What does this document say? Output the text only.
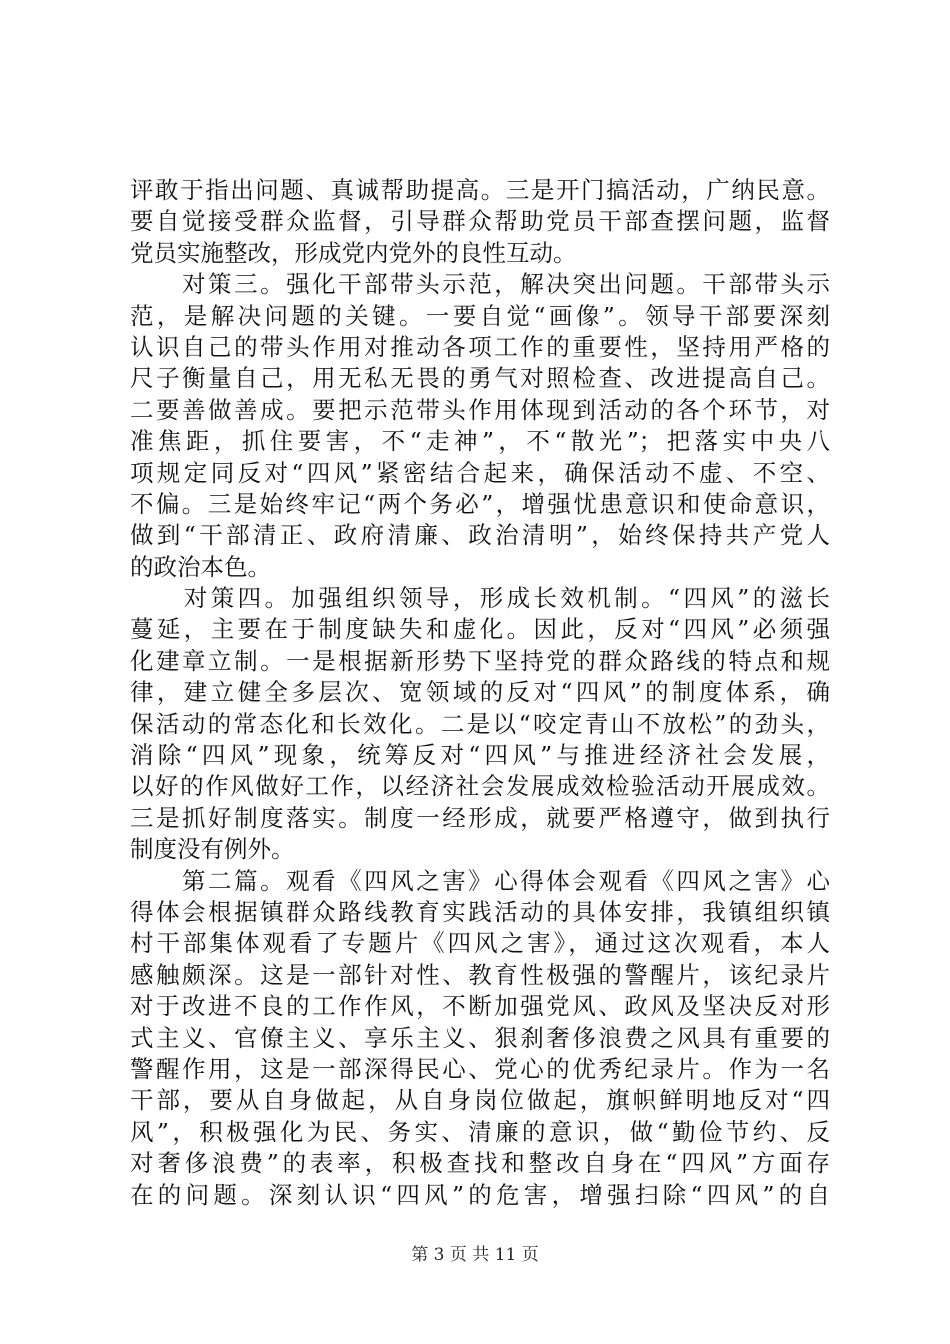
评敢于指出问题、真诚帮助提高。三是开门搞活动，广纳民意。
要自觉接受群众监督，引导群众帮助党员干部查摆问题，监督
党员实施整改，形成党内党外的良性互动。
　　对策三。强化干部带头示范，解决突出问题。干部带头示
范，是解决问题的关键。一要自觉“画像”。领导干部要深刻
认识自己的带头作用对推动各项工作的重要性，坚持用严格的
尺子衡量自己，用无私无畏的勇气对照检查、改进提高自己。
二要善做善成。要把示范带头作用体现到活动的各个环节，对
准焦距，抓住要害，不“走神”，不“散光”；把落实中央八
项规定同反对“四风”紧密结合起来，确保活动不虚、不空、
不偏。三是始终牢记“两个务必”，增强忧患意识和使命意识，
做到“干部清正、政府清廉、政治清明”，始终保持共产党人
的政治本色。
　　对策四。加强组织领导，形成长效机制。“四风”的滋长
蔓延，主要在于制度缺失和虚化。因此，反对“四风”必须强
化建章立制。一是根据新形势下坚持党的群众路线的特点和规
律，建立健全多层次、宽领域的反对“四风”的制度体系，确
保活动的常态化和长效化。二是以“咬定青山不放松”的劲头，
消除“四风”现象，统筹反对“四风”与推进经济社会发展，
以好的作风做好工作，以经济社会发展成效检验活动开展成效。
三是抓好制度落实。制度一经形成，就要严格遵守，做到执行
制度没有例外。
　　第二篇。观看《四风之害》心得体会观看《四风之害》心
得体会根据镇群众路线教育实践活动的具体安排，我镇组织镇
村干部集体观看了专题片《四风之害》，通过这次观看，本人
感触颇深。这是一部针对性、教育性极强的警醒片，该纪录片
对于改进不良的工作作风，不断加强党风、政风及坚决反对形
式主义、官僚主义、享乐主义、狠刹奢侈浪费之风具有重要的
警醒作用，这是一部深得民心、党心的优秀纪录片。作为一名
干部，要从自身做起，从自身岗位做起，旗帜鲜明地反对“四
风”，积极强化为民、务实、清廉的意识，做“勤俭节约、反
对奢侈浪费”的表率，积极查找和整改自身在“四风”方面存
在的问题。深刻认识“四风”的危害，增强扫除“四风”的自
第 3 页 共 11 页
